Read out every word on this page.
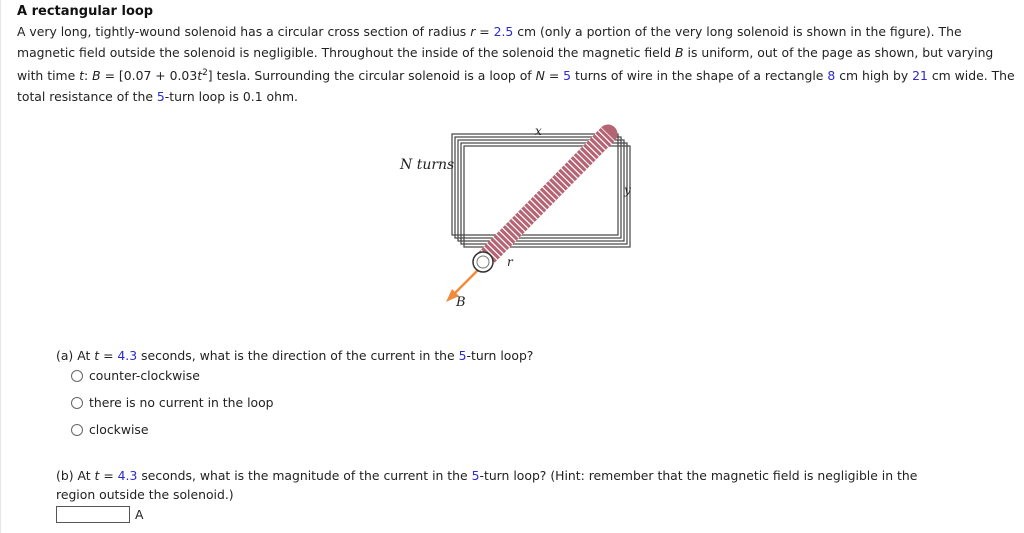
A rectangular loop
A very long, tightly-wound solenoid has a circular cross section of radius r = 2.5 cm (only a portion of the very long solenoid is shown in the figure). The magnetic field outside the solenoid is negligible. Throughout the inside of the solenoid the magnetic field B is uniform, out of the page as shown, but varying with time t: $B = [0.07 + 0.03t^2]$ tesla. Surrounding the circular solenoid is a loop of N = 5 turns of wire in the shape of a rectangle 8 cm high by 21 cm wide. The total resistance of the 5-turn loop is 0.1 ohm.
N turns
x
y
r
B
(a) At t = 4.3 seconds, what is the direction of the current in the 5-turn loop?
counter-clockwise
there is no current in the loop
clockwise
(b) At t = 4.3 seconds, what is the magnitude of the current in the 5-turn loop? (Hint: remember that the magnetic field is negligible in the region outside the solenoid.)
A
